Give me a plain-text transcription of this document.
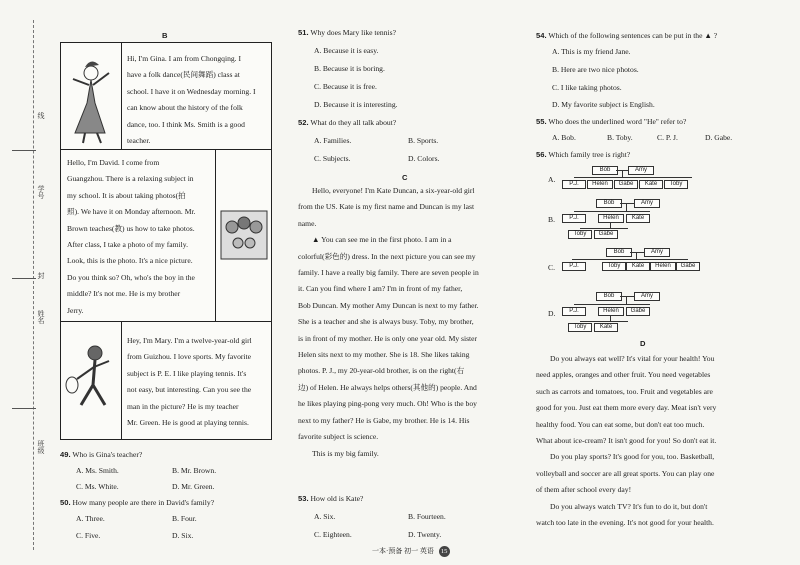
班级
姓名
学号
封
线
B
Hi, I'm Gina. I am from Chongqing. I
have a folk dance(民间舞蹈) class at
school. I have it on Wednesday morning. I
can know about the history of the folk
dance, too. I think Ms. Smith is a good
teacher.
Hello, I'm David. I come from
Guangzhou. There is a relaxing subject in
my school. It is about taking photos(拍
照). We have it on Monday afternoon. Mr.
Brown teaches(教) us how to take photos.
After class, I take a photo of my family.
Look, this is the photo. It's a nice picture.
Do you think so? Oh, who's the boy in the
middle? It's not me. He is my brother
Jerry.
Hey, I'm Mary. I'm a twelve-year-old girl
from Guizhou. I love sports. My favorite
subject is P. E. I like playing tennis. It's
not easy, but interesting. Can you see the
man in the picture? He is my teacher
Mr. Green. He is good at playing tennis.
49. Who is Gina's teacher?
A. Ms. Smith.	B. Mr. Brown.
C. Ms. White.	D. Mr. Green.
50. How many people are there in David's family?
A. Three.	B. Four.
C. Five.	D. Six.
51. Why does Mary like tennis?
A. Because it is easy.
B. Because it is boring.
C. Because it is free.
D. Because it is interesting.
52. What do they all talk about?
A. Families.	B. Sports.
C. Subjects.	D. Colors.
C
Hello, everyone! I'm Kate Duncan, a six-year-old girl
from the US. Kate is my first name and Duncan is my last
name.
▲ You can see me in the first photo. I am in a
colorful(彩色的) dress. In the next picture you can see my
family. I have a really big family. There are seven people in
it. Can you find where I am? I'm in front of my father,
Bob Duncan. My mother Amy Duncan is next to my father.
She is a teacher and she is always busy. Toby, my brother,
is in front of my mother. He is only one year old. My sister
Helen sits next to my mother. She is 18. She likes taking
photos. P. J., my 20-year-old brother, is on the right(右
边) of Helen. He always helps others(其他的) people. And
he likes playing ping-pong very much. Oh! Who is the boy
next to my father? He is Gabe, my brother. He is 14. His
favorite subject is science.
This is my big family.
53. How old is Kate?
A. Six.	B. Fourteen.
C. Eighteen.	D. Twenty.
一本·预备 初一 英语 15
54. Which of the following sentences can be put in the ▲ ?
A. This is my friend Jane.
B. Here are two nice photos.
C. I like taking photos.
D. My favorite subject is English.
55. Who does the underlined word "He" refer to?
A. Bob.	B. Toby.	C. P. J.	D. Gabe.
56. Which family tree is right?
A.
Bob	Amy
P.J.	Helen	Gabe	Kate	Toby
B.
Bob	Amy
P.J.	Helen	Kate
Toby	Gabe
C.
Bob	Amy
P.J.	Toby	Kate	Helen	Gabe
D.
Bob	Amy
P.J.	Helen	Gabe
Toby	Kate
D
Do you always eat well? It's vital for your health! You
need apples, oranges and other fruit. You need vegetables
such as carrots and tomatoes, too. Fruit and vegetables are
good for you. Just eat them more every day. Meat isn't very
healthy food. You can eat some, but don't eat too much.
What about ice-cream? It isn't good for you! So don't eat it.
Do you play sports? It's good for you, too. Basketball,
volleyball and soccer are all great sports. You can play one
of them after school every day!
Do you always watch TV? It's fun to do it, but don't
watch too late in the evening. It's not good for your health.
